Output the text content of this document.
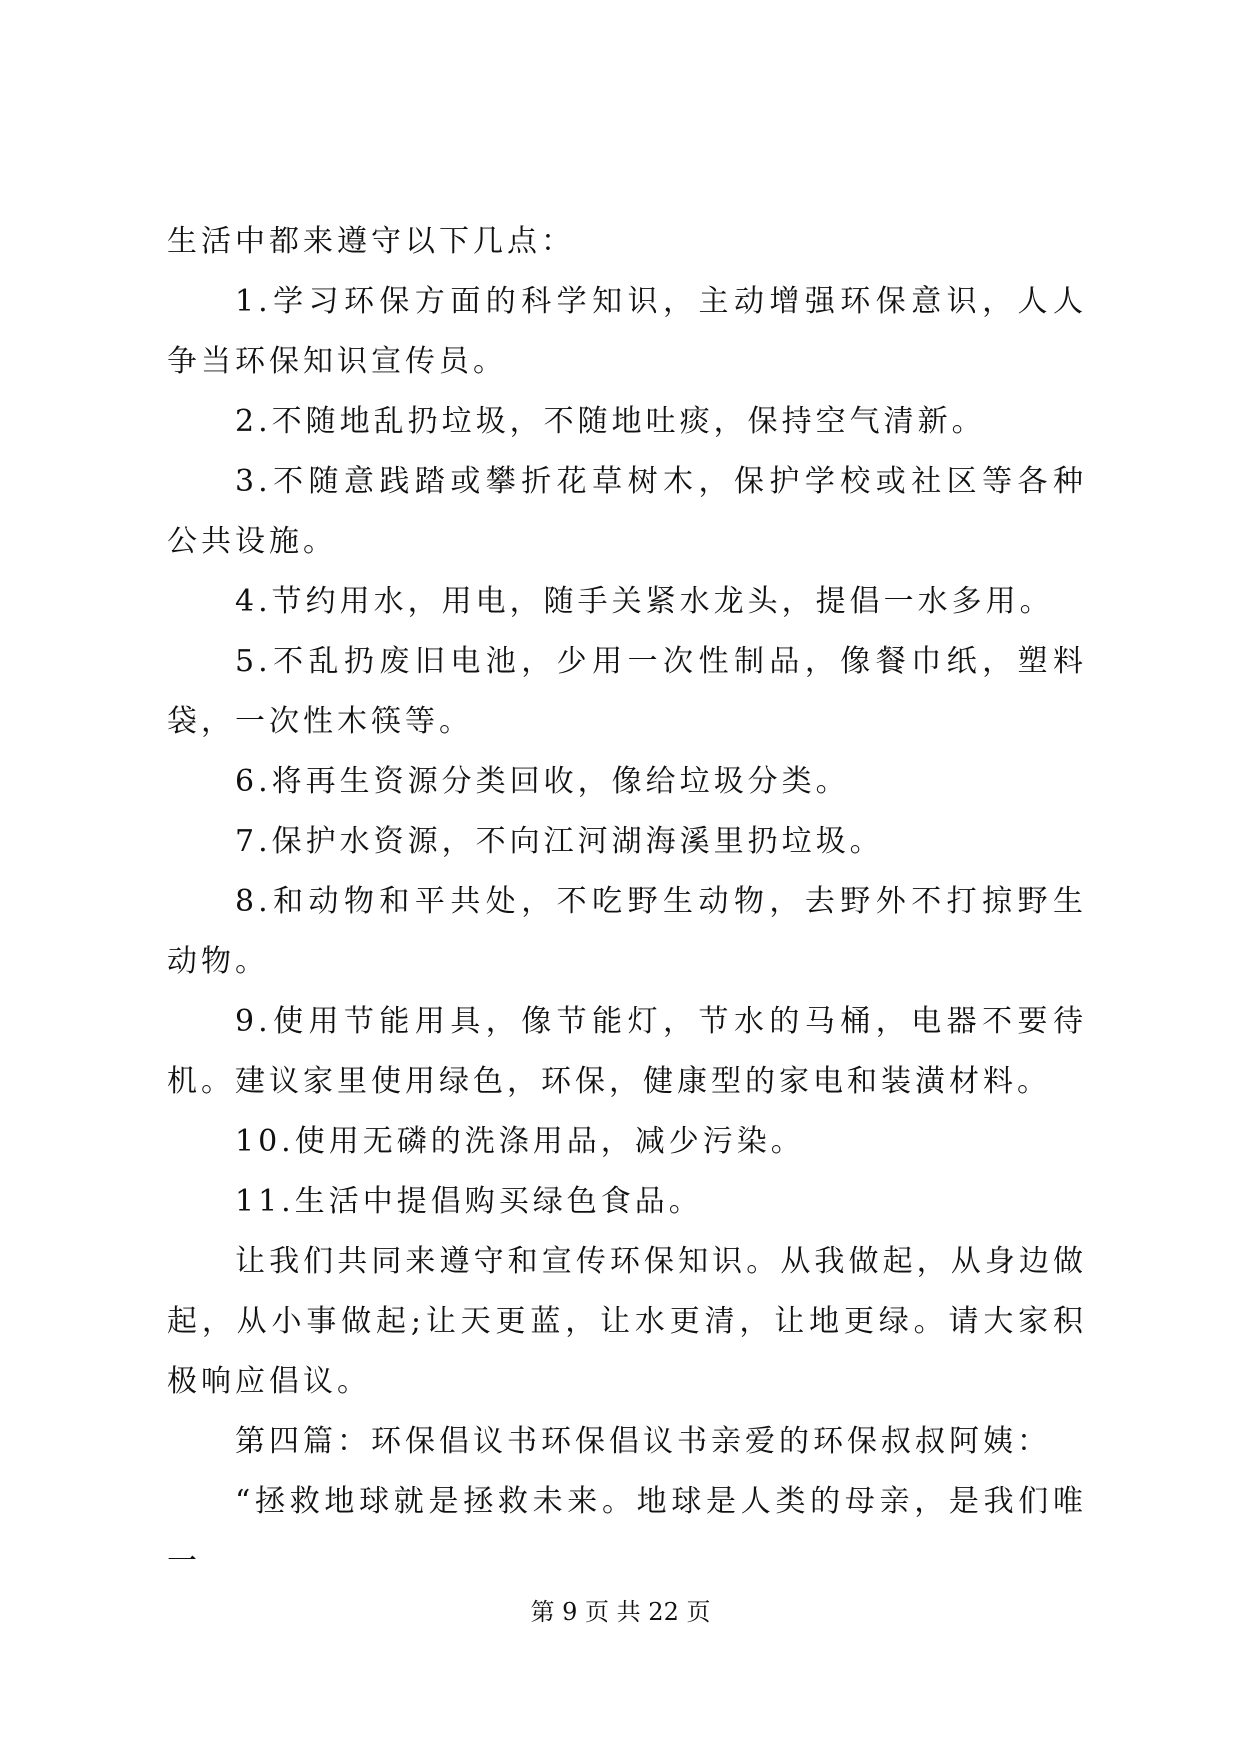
生活中都来遵守以下几点：

1.学习环保方面的科学知识，主动增强环保意识，人人争当环保知识宣传员。

2.不随地乱扔垃圾，不随地吐痰，保持空气清新。

3.不随意践踏或攀折花草树木，保护学校或社区等各种公共设施。

4.节约用水，用电，随手关紧水龙头，提倡一水多用。

5.不乱扔废旧电池，少用一次性制品，像餐巾纸，塑料袋，一次性木筷等。

6.将再生资源分类回收，像给垃圾分类。

7.保护水资源，不向江河湖海溪里扔垃圾。

8.和动物和平共处，不吃野生动物，去野外不打掠野生动物。

9.使用节能用具，像节能灯，节水的马桶，电器不要待机。建议家里使用绿色，环保，健康型的家电和装潢材料。

10.使用无磷的洗涤用品，减少污染。

11.生活中提倡购买绿色食品。

让我们共同来遵守和宣传环保知识。从我做起，从身边做起，从小事做起;让天更蓝，让水更清，让地更绿。请大家积极响应倡议。

第四篇：环保倡议书环保倡议书亲爱的环保叔叔阿姨：

“拯救地球就是拯救未来。地球是人类的母亲，是我们唯一

第 9 页 共 22 页
